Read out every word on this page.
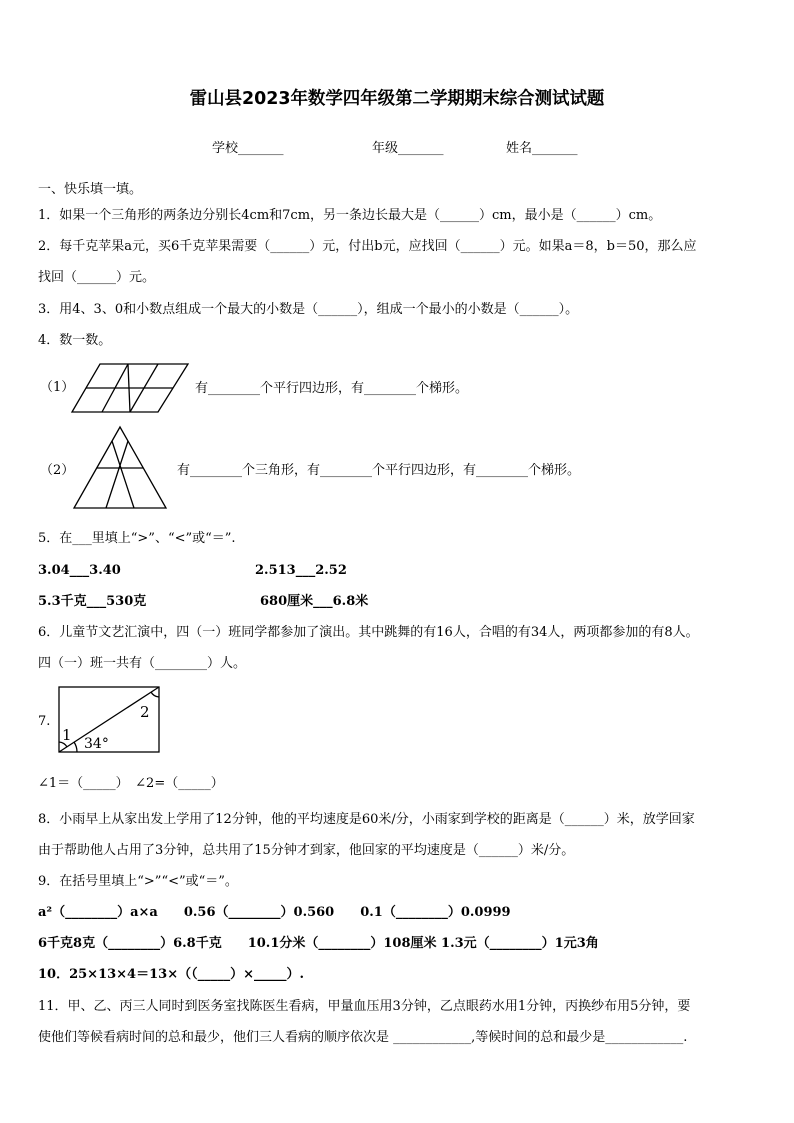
雷山县2023年数学四年级第二学期期末综合测试试题
学校_______	年级_______	姓名_______
一、快乐填一填。
1．如果一个三角形的两条边分别长4cm和7cm，另一条边长最大是（______）cm，最小是（______）cm。
2．每千克苹果a元，买6千克苹果需要（______）元，付出b元，应找回（______）元。如果a＝8，b＝50，那么应
找回（______）元。
3．用4、3、0和小数点组成一个最大的小数是（______），组成一个最小的小数是（______）。
4．数一数。
（1）	有________个平行四边形，有________个梯形。
（2）	有________个三角形，有________个平行四边形，有________个梯形。
5．在___里填上“>”、“<”或“＝”.
3.04___3.40	2.513___2.52
5.3千克___530克	680厘米___6.8米
6．儿童节文艺汇演中，四（一）班同学都参加了演出。其中跳舞的有16人，合唱的有34人，两项都参加的有8人。
四（一）班一共有（________）人。
7.
1
2
34°
∠1＝（_____）　∠2=（_____）
8．小雨早上从家出发上学用了12分钟，他的平均速度是60米/分，小雨家到学校的距离是（______）米，放学回家
由于帮助他人占用了3分钟，总共用了15分钟才到家，他回家的平均速度是（______）米/分。
9．在括号里填上“>”“<”或“＝”。
a²（________）a×a　　0.56（________）0.560　　0.1（________）0.0999
6千克8克（________）6.8千克　　10.1分米（________）108厘米 1.3元（________）1元3角
10．25×13×4＝13×（（_____）×_____）.
11．甲、乙、丙三人同时到医务室找陈医生看病，甲量血压用3分钟，乙点眼药水用1分钟，丙换纱布用5分钟，要
使他们等候看病时间的总和最少，他们三人看病的顺序依次是 ____________,等候时间的总和最少是____________.
